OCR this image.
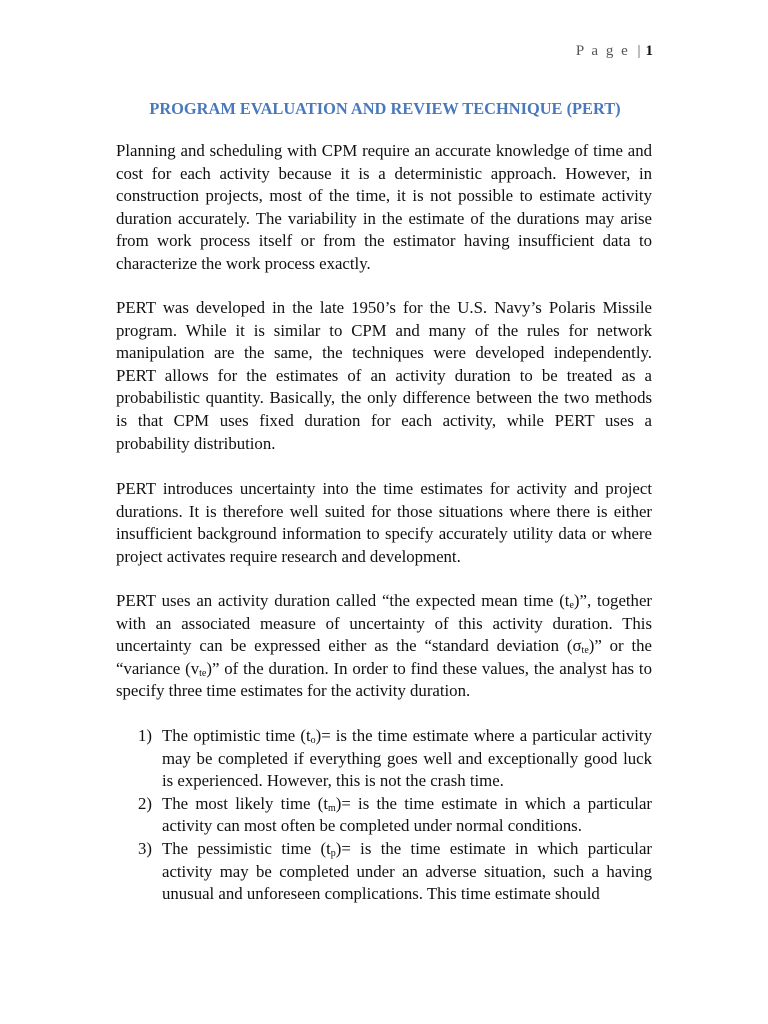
P a g e | 1
PROGRAM EVALUATION AND REVIEW TECHNIQUE (PERT)

Planning and scheduling with CPM require an accurate knowledge of time and cost for each activity because it is a deterministic approach. However, in construction projects, most of the time, it is not possible to estimate activity duration accurately. The variability in the estimate of the durations may arise from work process itself or from the estimator having insufficient data to characterize the work process exactly.

PERT was developed in the late 1950’s for the U.S. Navy’s Polaris Missile program. While it is similar to CPM and many of the rules for network manipulation are the same, the techniques were developed independently. PERT allows for the estimates of an activity duration to be treated as a probabilistic quantity. Basically, the only difference between the two methods is that CPM uses fixed duration for each activity, while PERT uses a probability distribution.

PERT introduces uncertainty into the time estimates for activity and project durations. It is therefore well suited for those situations where there is either insufficient background information to specify accurately utility data or where project activates require research and development.

PERT uses an activity duration called “the expected mean time $(t_e)$”, together with an associated measure of uncertainty of this activity duration. This uncertainty can be expressed either as the “standard deviation $(\sigma_{te})$” or the “variance $(v_{te})$” of the duration. In order to find these values, the analyst has to specify three time estimates for the activity duration.

1) The optimistic time $(t_o)=$ is the time estimate where a particular activity may be completed if everything goes well and exceptionally good luck is experienced. However, this is not the crash time.
2) The most likely time $(t_m)=$ is the time estimate in which a particular activity can most often be completed under normal conditions.
3) The pessimistic time $(t_p)=$ is the time estimate in which particular activity may be completed under an adverse situation, such a having unusual and unforeseen complications. This time estimate should
